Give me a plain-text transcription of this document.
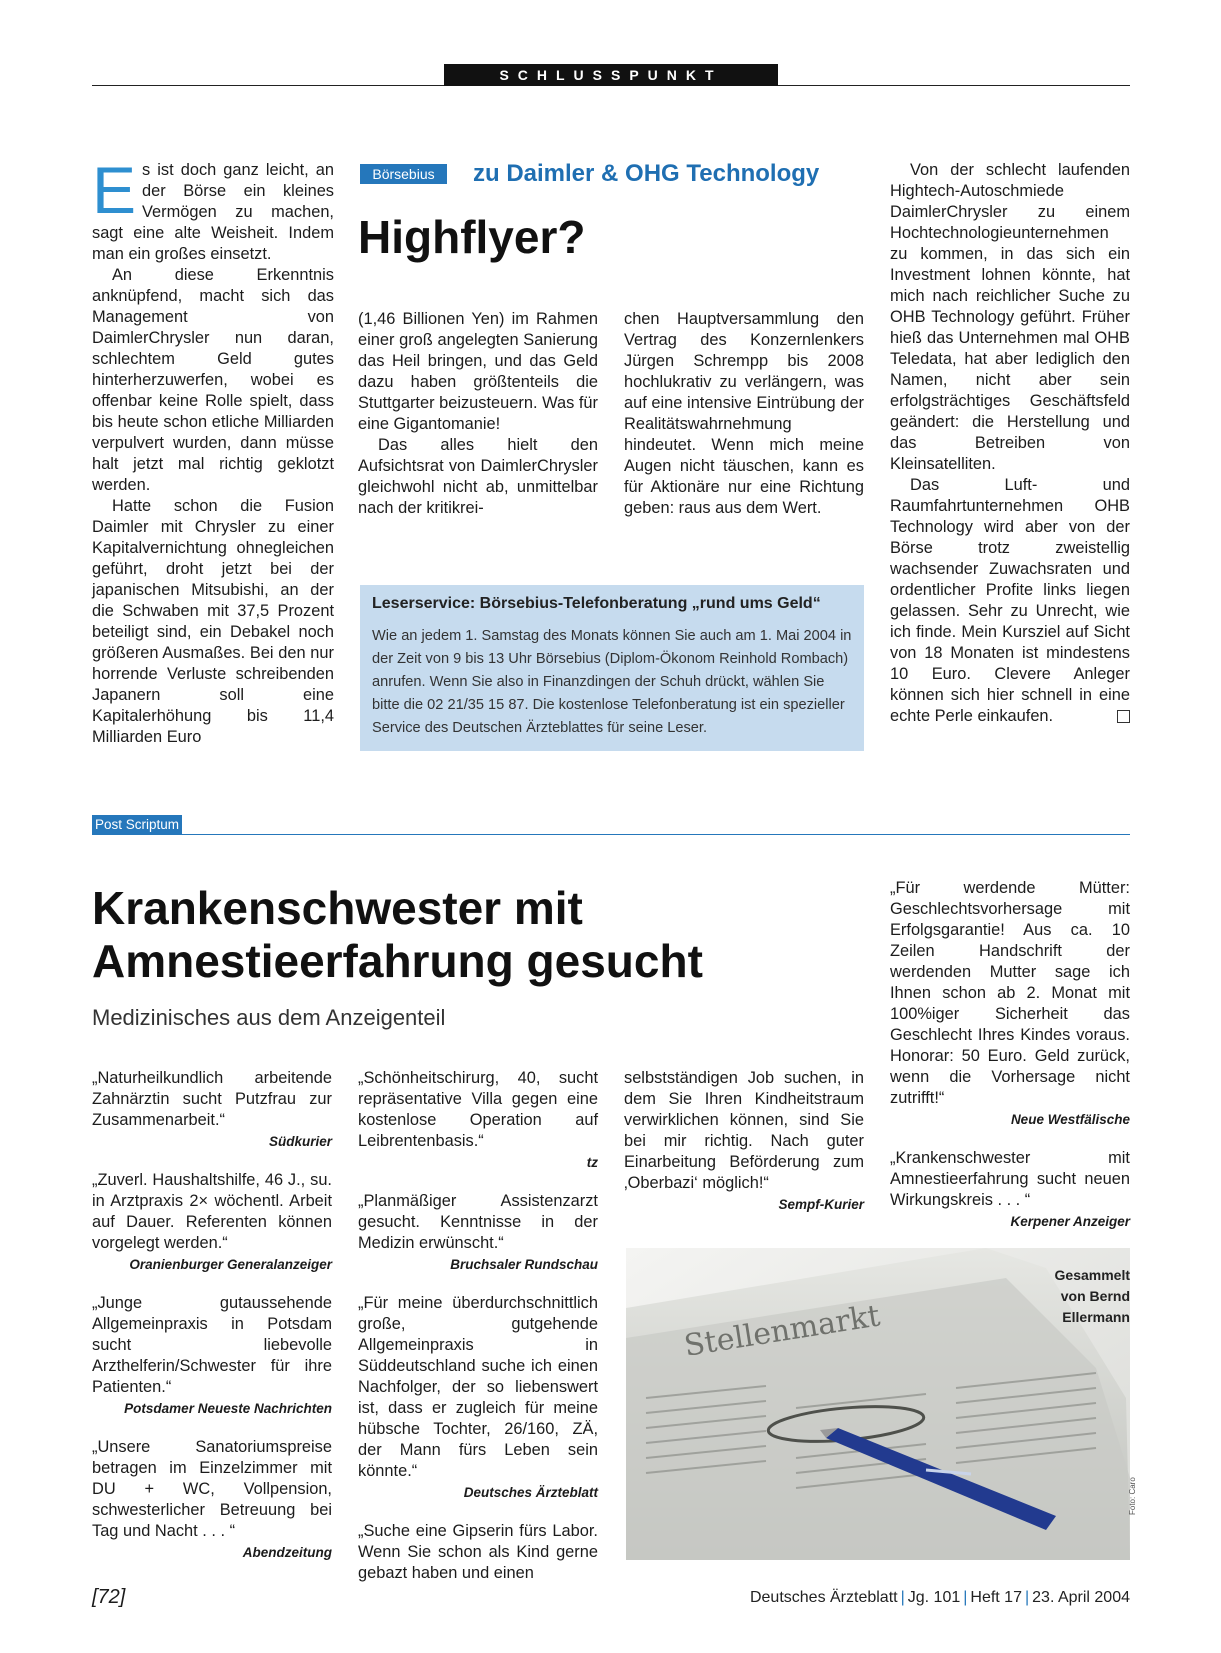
SCHLUSSPUNKT
Börsebius	zu Daimler & OHG Technology
Highflyer?

Es ist doch ganz leicht, an der Börse ein kleines Vermögen zu machen, sagt eine alte Weisheit. Indem man ein großes einsetzt.

An diese Erkenntnis anknüpfend, macht sich das Management von DaimlerChrysler nun daran, schlechtem Geld gutes hinterherzuwerfen, wobei es offenbar keine Rolle spielt, dass bis heute schon etliche Milliarden verpulvert wurden, dann müsse halt jetzt mal richtig geklotzt werden.

Hatte schon die Fusion Daimler mit Chrysler zu einer Kapitalvernichtung ohnegleichen geführt, droht jetzt bei der japanischen Mitsubishi, an der die Schwaben mit 37,5 Prozent beteiligt sind, ein Debakel noch größeren Ausmaßes. Bei den nur horrende Verluste schreibenden Japanern soll eine Kapitalerhöhung bis 11,4 Milliarden Euro

(1,46 Billionen Yen) im Rahmen einer groß angelegten Sanierung das Heil bringen, und das Geld dazu haben größtenteils die Stuttgarter beizusteuern. Was für eine Gigantomanie!

Das alles hielt den Aufsichtsrat von DaimlerChrysler gleichwohl nicht ab, unmittelbar nach der kritikrei-

chen Hauptversammlung den Vertrag des Konzernlenkers Jürgen Schrempp bis 2008 hochlukrativ zu verlängern, was auf eine intensive Eintrübung der Realitätswahrnehmung hindeutet. Wenn mich meine Augen nicht täuschen, kann es für Aktionäre nur eine Richtung geben: raus aus dem Wert.

Von der schlecht laufenden Hightech-Autoschmiede DaimlerChrysler zu einem Hochtechnologieunternehmen zu kommen, in das sich ein Investment lohnen könnte, hat mich nach reichlicher Suche zu OHB Technology geführt. Früher hieß das Unternehmen mal OHB Teledata, hat aber lediglich den Namen, nicht aber sein erfolgsträchtiges Geschäftsfeld geändert: die Herstellung und das Betreiben von Kleinsatelliten.

Das Luft- und Raumfahrtunternehmen OHB Technology wird aber von der Börse trotz zweistellig wachsender Zuwachsraten und ordentlicher Profite links liegen gelassen. Sehr zu Unrecht, wie ich finde. Mein Kursziel auf Sicht von 18 Monaten ist mindestens 10 Euro. Clevere Anleger können sich hier schnell in eine echte Perle einkaufen.

Leserservice: Börsebius-Telefonberatung „rund ums Geld“
Wie an jedem 1. Samstag des Monats können Sie auch am 1. Mai 2004 in der Zeit von 9 bis 13 Uhr Börsebius (Diplom-Ökonom Reinhold Rombach) anrufen. Wenn Sie also in Finanzdingen der Schuh drückt, wählen Sie bitte die 02 21/35 15 87. Die kostenlose Telefonberatung ist ein spezieller Service des Deutschen Ärzteblattes für seine Leser.
Post Scriptum
Krankenschwester mit
Amnestieerfahrung gesucht
Medizinisches aus dem Anzeigenteil
„Naturheilkundlich arbeitende Zahnärztin sucht Putzfrau zur Zusammenarbeit.“
Südkurier
„Zuverl. Haushaltshilfe, 46 J., su. in Arztpraxis 2× wöchentl. Arbeit auf Dauer. Referenten können vorgelegt werden.“
Oranienburger Generalanzeiger
„Junge gutaussehende Allgemeinpraxis in Potsdam sucht liebevolle Arzthelferin/Schwester für ihre Patienten.“
Potsdamer Neueste Nachrichten
„Unsere Sanatoriumspreise betragen im Einzelzimmer mit DU + WC, Vollpension, schwesterlicher Betreuung bei Tag und Nacht . . . “
Abendzeitung
„Schönheitschirurg, 40, sucht repräsentative Villa gegen eine kostenlose Operation auf Leibrentenbasis.“
tz
„Planmäßiger Assistenzarzt gesucht. Kenntnisse in der Medizin erwünscht.“
Bruchsaler Rundschau
„Für meine überdurchschnittlich große, gutgehende Allgemeinpraxis in Süddeutschland suche ich einen Nachfolger, der so liebenswert ist, dass er zugleich für meine hübsche Tochter, 26/160, ZÄ, der Mann fürs Leben sein könnte.“
Deutsches Ärzteblatt
„Suche eine Gipserin fürs Labor. Wenn Sie schon als Kind gerne gebazt haben und einen
selbstständigen Job suchen, in dem Sie Ihren Kindheitstraum verwirklichen können, sind Sie bei mir richtig. Nach guter Einarbeitung Beförderung zum ‚Oberbazi‘ möglich!“
Sempf-Kurier
„Für werdende Mütter: Geschlechtsvorhersage mit Erfolgsgarantie! Aus ca. 10 Zeilen Handschrift der werdenden Mutter sage ich Ihnen schon ab 2. Monat mit 100%iger Sicherheit das Geschlecht Ihres Kindes voraus. Honorar: 50 Euro. Geld zurück, wenn die Vorhersage nicht zutrifft!“
Neue Westfälische
„Krankenschwester mit Amnestieerfahrung sucht neuen Wirkungskreis . . . “
Kerpener Anzeiger
Stellenmarkt
Gesammelt
von Bernd
Ellermann
Foto: Caro
[72]	Deutsches Ärzteblatt | Jg. 101 | Heft 17 | 23. April 2004
